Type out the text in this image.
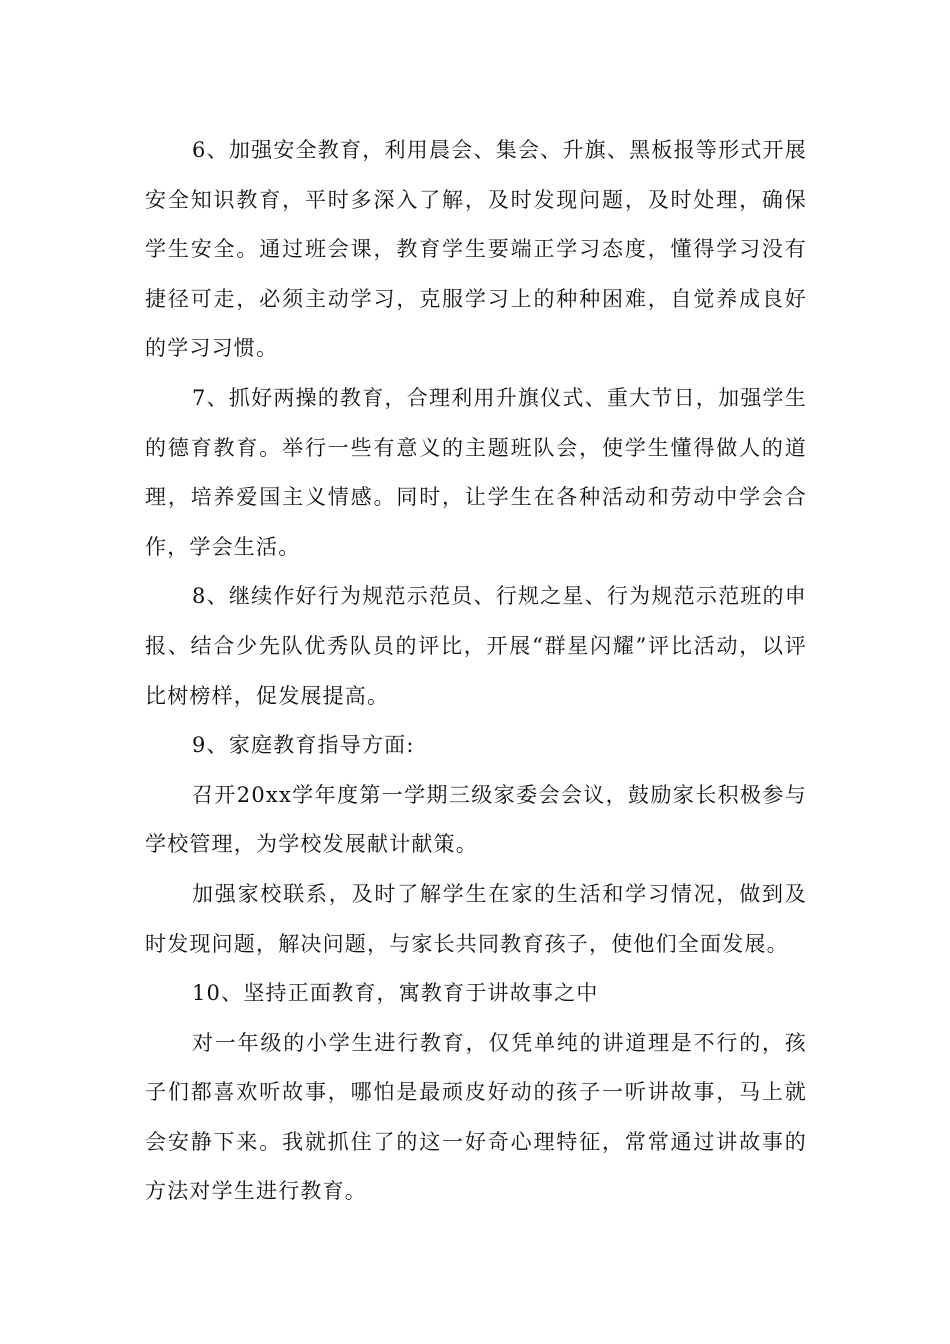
6、加强安全教育，利用晨会、集会、升旗、黑板报等形式开展安全知识教育，平时多深入了解，及时发现问题，及时处理，确保学生安全。通过班会课，教育学生要端正学习态度，懂得学习没有捷径可走，必须主动学习，克服学习上的种种困难，自觉养成良好的学习习惯。

7、抓好两操的教育，合理利用升旗仪式、重大节日，加强学生的德育教育。举行一些有意义的主题班队会，使学生懂得做人的道理，培养爱国主义情感。同时，让学生在各种活动和劳动中学会合作，学会生活。

8、继续作好行为规范示范员、行规之星、行为规范示范班的申报、结合少先队优秀队员的评比，开展“群星闪耀”评比活动，以评比树榜样，促发展提高。

9、家庭教育指导方面:

召开20xx学年度第一学期三级家委会会议，鼓励家长积极参与学校管理，为学校发展献计献策。

加强家校联系，及时了解学生在家的生活和学习情况，做到及时发现问题，解决问题，与家长共同教育孩子，使他们全面发展。

10、坚持正面教育，寓教育于讲故事之中

对一年级的小学生进行教育，仅凭单纯的讲道理是不行的，孩子们都喜欢听故事，哪怕是最顽皮好动的孩子一听讲故事，马上就会安静下来。我就抓住了的这一好奇心理特征，常常通过讲故事的方法对学生进行教育。
